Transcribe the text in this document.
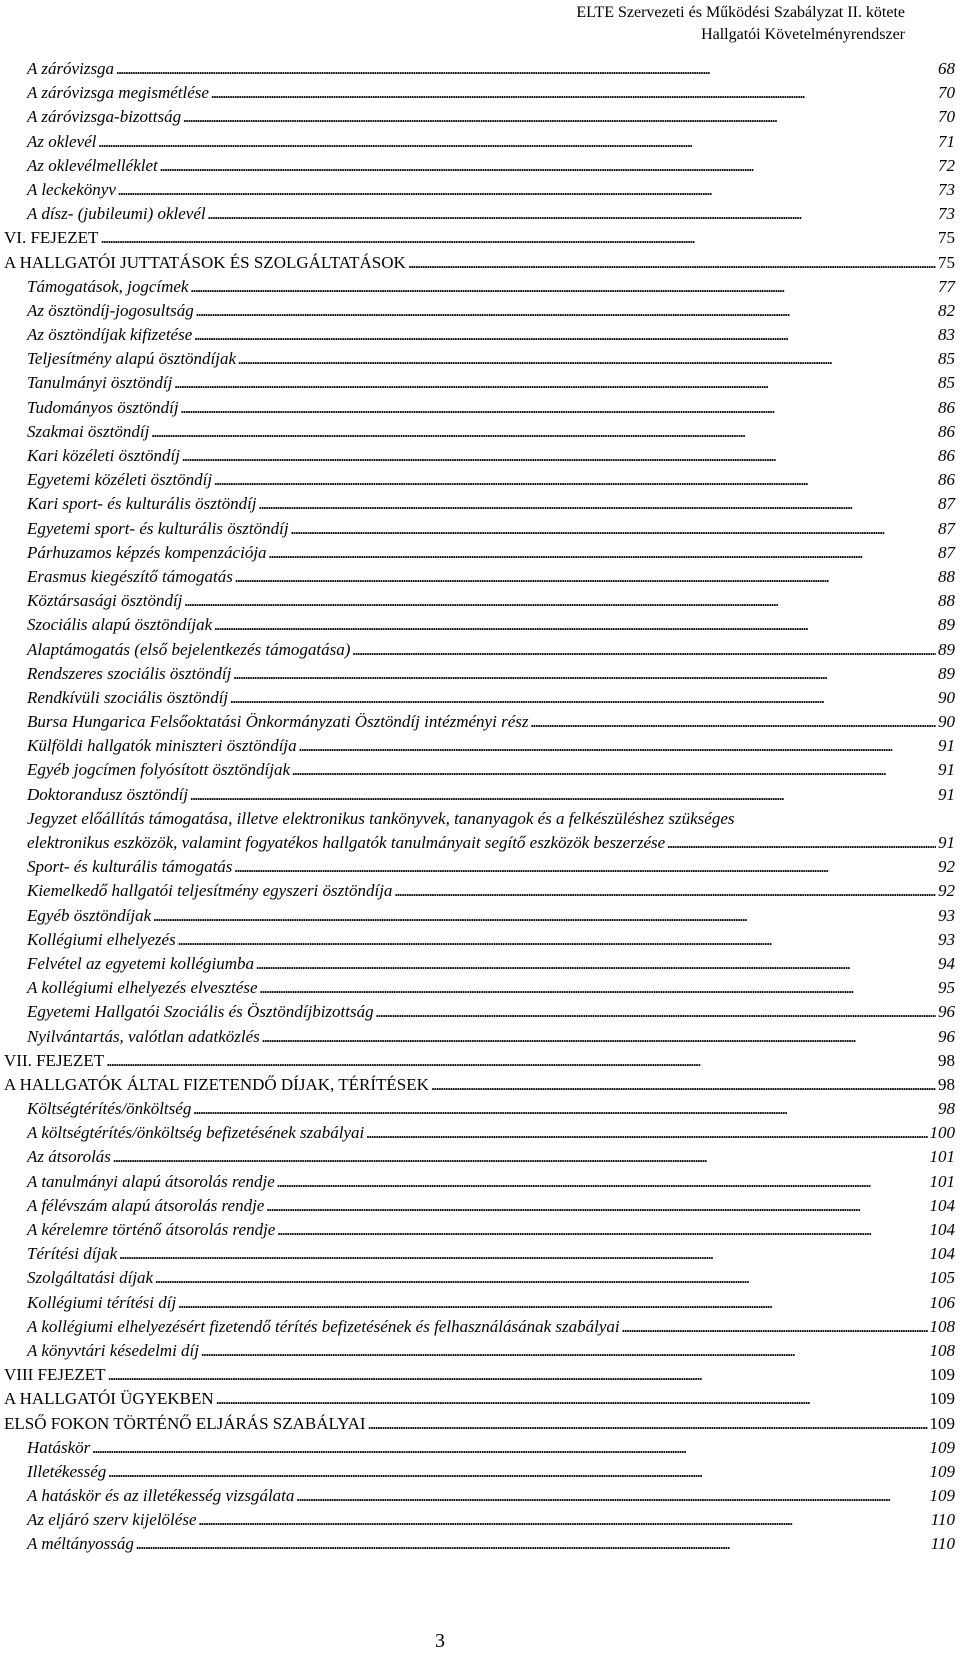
ELTE Szervezeti és Működési Szabályzat II. kötete
Hallgatói Követelményrendszer
A záróvizsga . . .	68
A záróvizsga megismétlése . . .	70
A záróvizsga-bizottság . . .	70
Az oklevél . . .	71
Az oklevélmelléklet . . .	72
A leckekönyv . . .	73
A dísz- (jubileumi) oklevél . . .	73
VI. FEJEZET . . .	75
A HALLGATÓI JUTTATÁSOK ÉS SZOLGÁLTATÁSOK . . .	75
Támogatások, jogcímek . . .	77
Az ösztöndíj-jogosultság . . .	82
Az ösztöndíjak kifizetése . . .	83
Teljesítmény alapú ösztöndíjak . . .	85
Tanulmányi ösztöndíj . . .	85
Tudományos ösztöndíj . . .	86
Szakmai ösztöndíj . . .	86
Kari közéleti ösztöndíj . . .	86
Egyetemi közéleti ösztöndíj . . .	86
Kari sport- és kulturális ösztöndíj . . .	87
Egyetemi sport- és kulturális ösztöndíj . . .	87
Párhuzamos képzés kompenzációja . . .	87
Erasmus kiegészítő támogatás . . .	88
Köztársasági ösztöndíj . . .	88
Szociális alapú ösztöndíjak . . .	89
Alaptámogatás (első bejelentkezés támogatása) . . .	89
Rendszeres szociális ösztöndíj . . .	89
Rendkívüli szociális ösztöndíj . . .	90
Bursa Hungarica Felsőoktatási Önkormányzati Ösztöndíj intézményi rész . . .	90
Külföldi hallgatók miniszteri ösztöndíja . . .	91
Egyéb jogcímen folyósított ösztöndíjak . . .	91
Doktorandusz ösztöndíj . . .	91
Jegyzet előállítás támogatása, illetve elektronikus tankönyvek, tananyagok és a felkészüléshez szükséges
elektronikus eszközök, valamint fogyatékos hallgatók tanulmányait segítő eszközök beszerzése . . .	91
Sport- és kulturális támogatás . . .	92
Kiemelkedő hallgatói teljesítmény egyszeri ösztöndíja . . .	92
Egyéb ösztöndíjak . . .	93
Kollégiumi elhelyezés . . .	93
Felvétel az egyetemi kollégiumba . . .	94
A kollégiumi elhelyezés elvesztése . . .	95
Egyetemi Hallgatói Szociális és Ösztöndíjbizottság . . .	96
Nyilvántartás, valótlan adatközlés . . .	96
VII. FEJEZET . . .	98
A HALLGATÓK ÁLTAL FIZETENDŐ DÍJAK, TÉRÍTÉSEK . . .	98
Költségtérítés/önköltség . . .	98
A költségtérítés/önköltség befizetésének szabályai . . .	100
Az átsorolás . . .	101
A tanulmányi alapú átsorolás rendje . . .	101
A félévszám alapú átsorolás rendje . . .	104
A kérelemre történő átsorolás rendje . . .	104
Térítési díjak . . .	104
Szolgáltatási díjak . . .	105
Kollégiumi térítési díj . . .	106
A kollégiumi elhelyezésért fizetendő térítés befizetésének és felhasználásának szabályai . . .	108
A könyvtári késedelmi díj . . .	108
VIII FEJEZET . . .	109
A HALLGATÓI ÜGYEKBEN . . .	109
ELSŐ FOKON TÖRTÉNŐ ELJÁRÁS SZABÁLYAI . . .	109
Hatáskör . . .	109
Illetékesség . . .	109
A hatáskör és az illetékesség vizsgálata . . .	109
Az eljáró szerv kijelölése . . .	110
A méltányosság . . .	110
3
